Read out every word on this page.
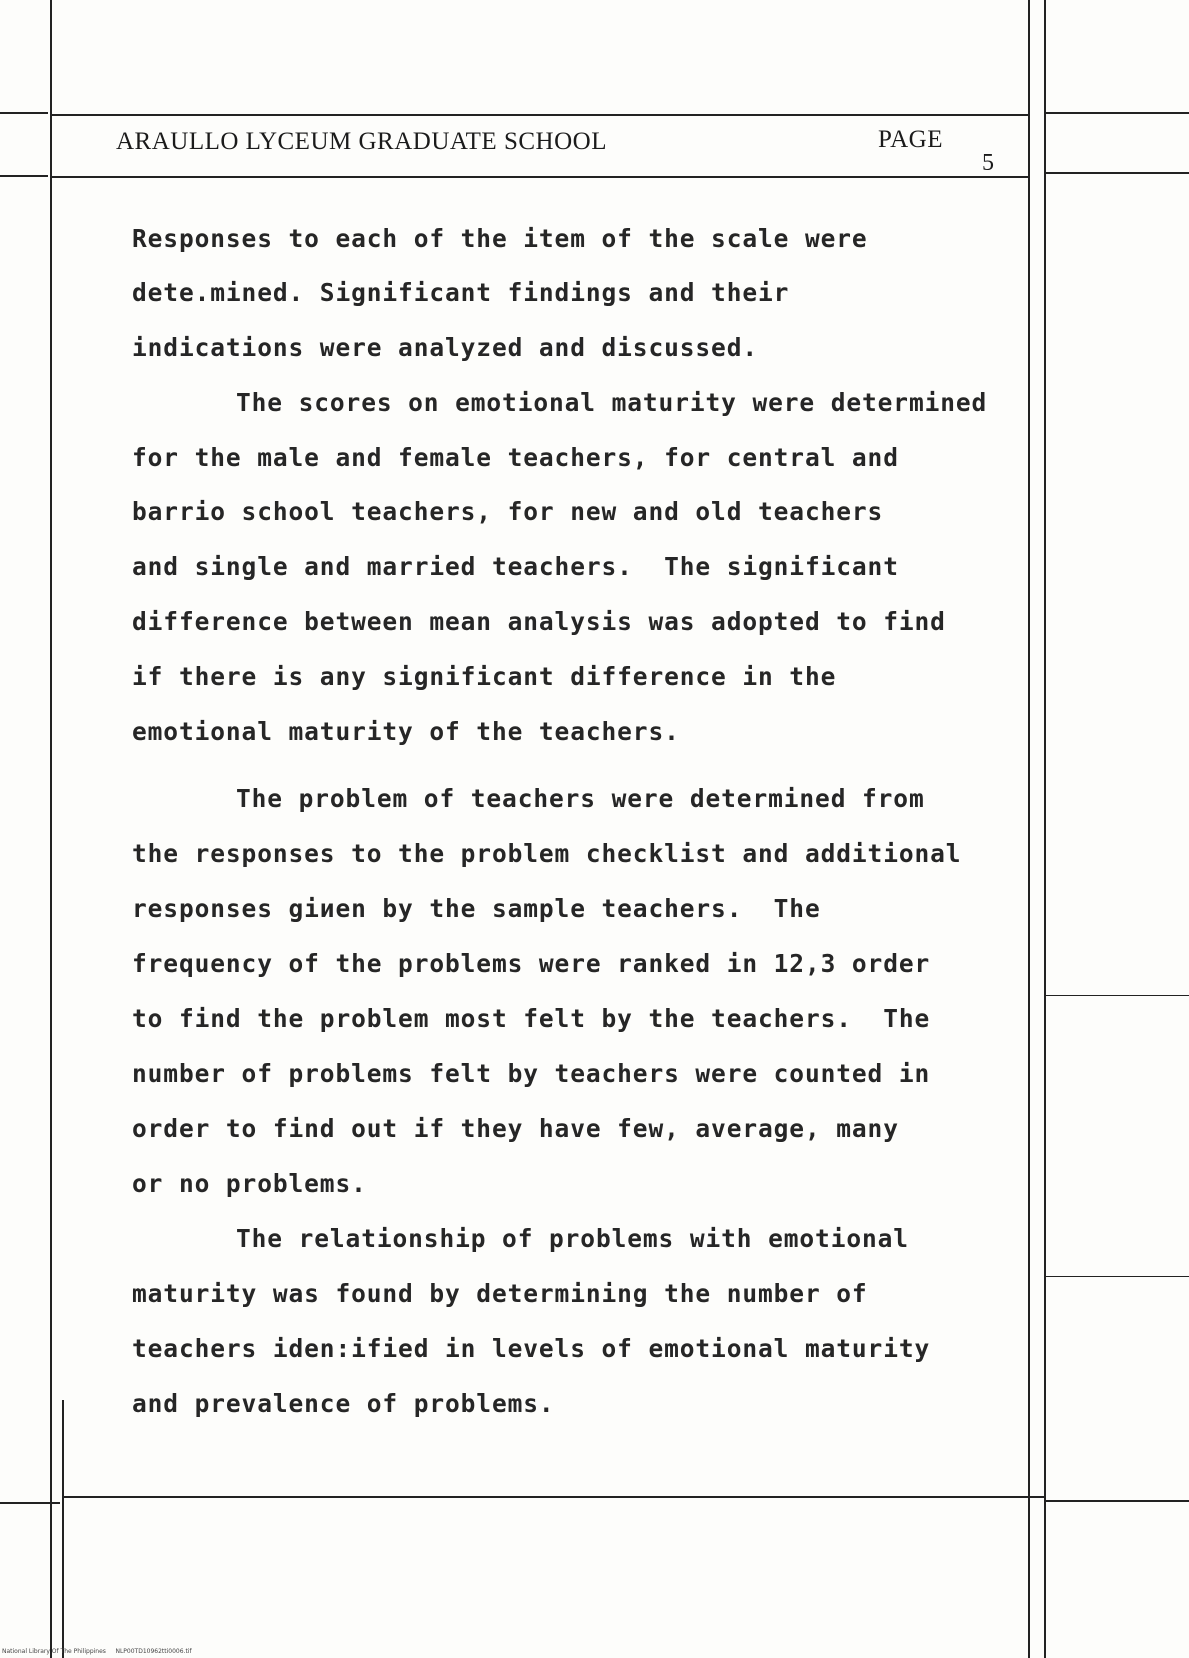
ARAULLO LYCEUM GRADUATE SCHOOL	PAGE
5
Responses to each of the item of the scale were
dete.mined. Significant findings and their
indications were analyzed and discussed.
The scores on emotional maturity were determined
for the male and female teachers, for central and
barrio school teachers, for new and old teachers
and single and married teachers.  The significant
difference between mean analysis was adopted to find
if there is any significant difference in the
emotional maturity of the teachers.
The problem of teachers were determined from
the responses to the problem checklist and additional
responses giиen by the sample teachers.  The
frequency of the problems were ranked in 12,3 order
to find the problem most felt by the teachers.  The
number of problems felt by teachers were counted in
order to find out if they have few, average, many
or no problems.
The relationship of problems with emotional
maturity was found by determining the number of
teachers iden:ified in levels of emotional maturity
and prevalence of problems.
National Library Of The Philippines     NLP00TD10962tti0006.tif
